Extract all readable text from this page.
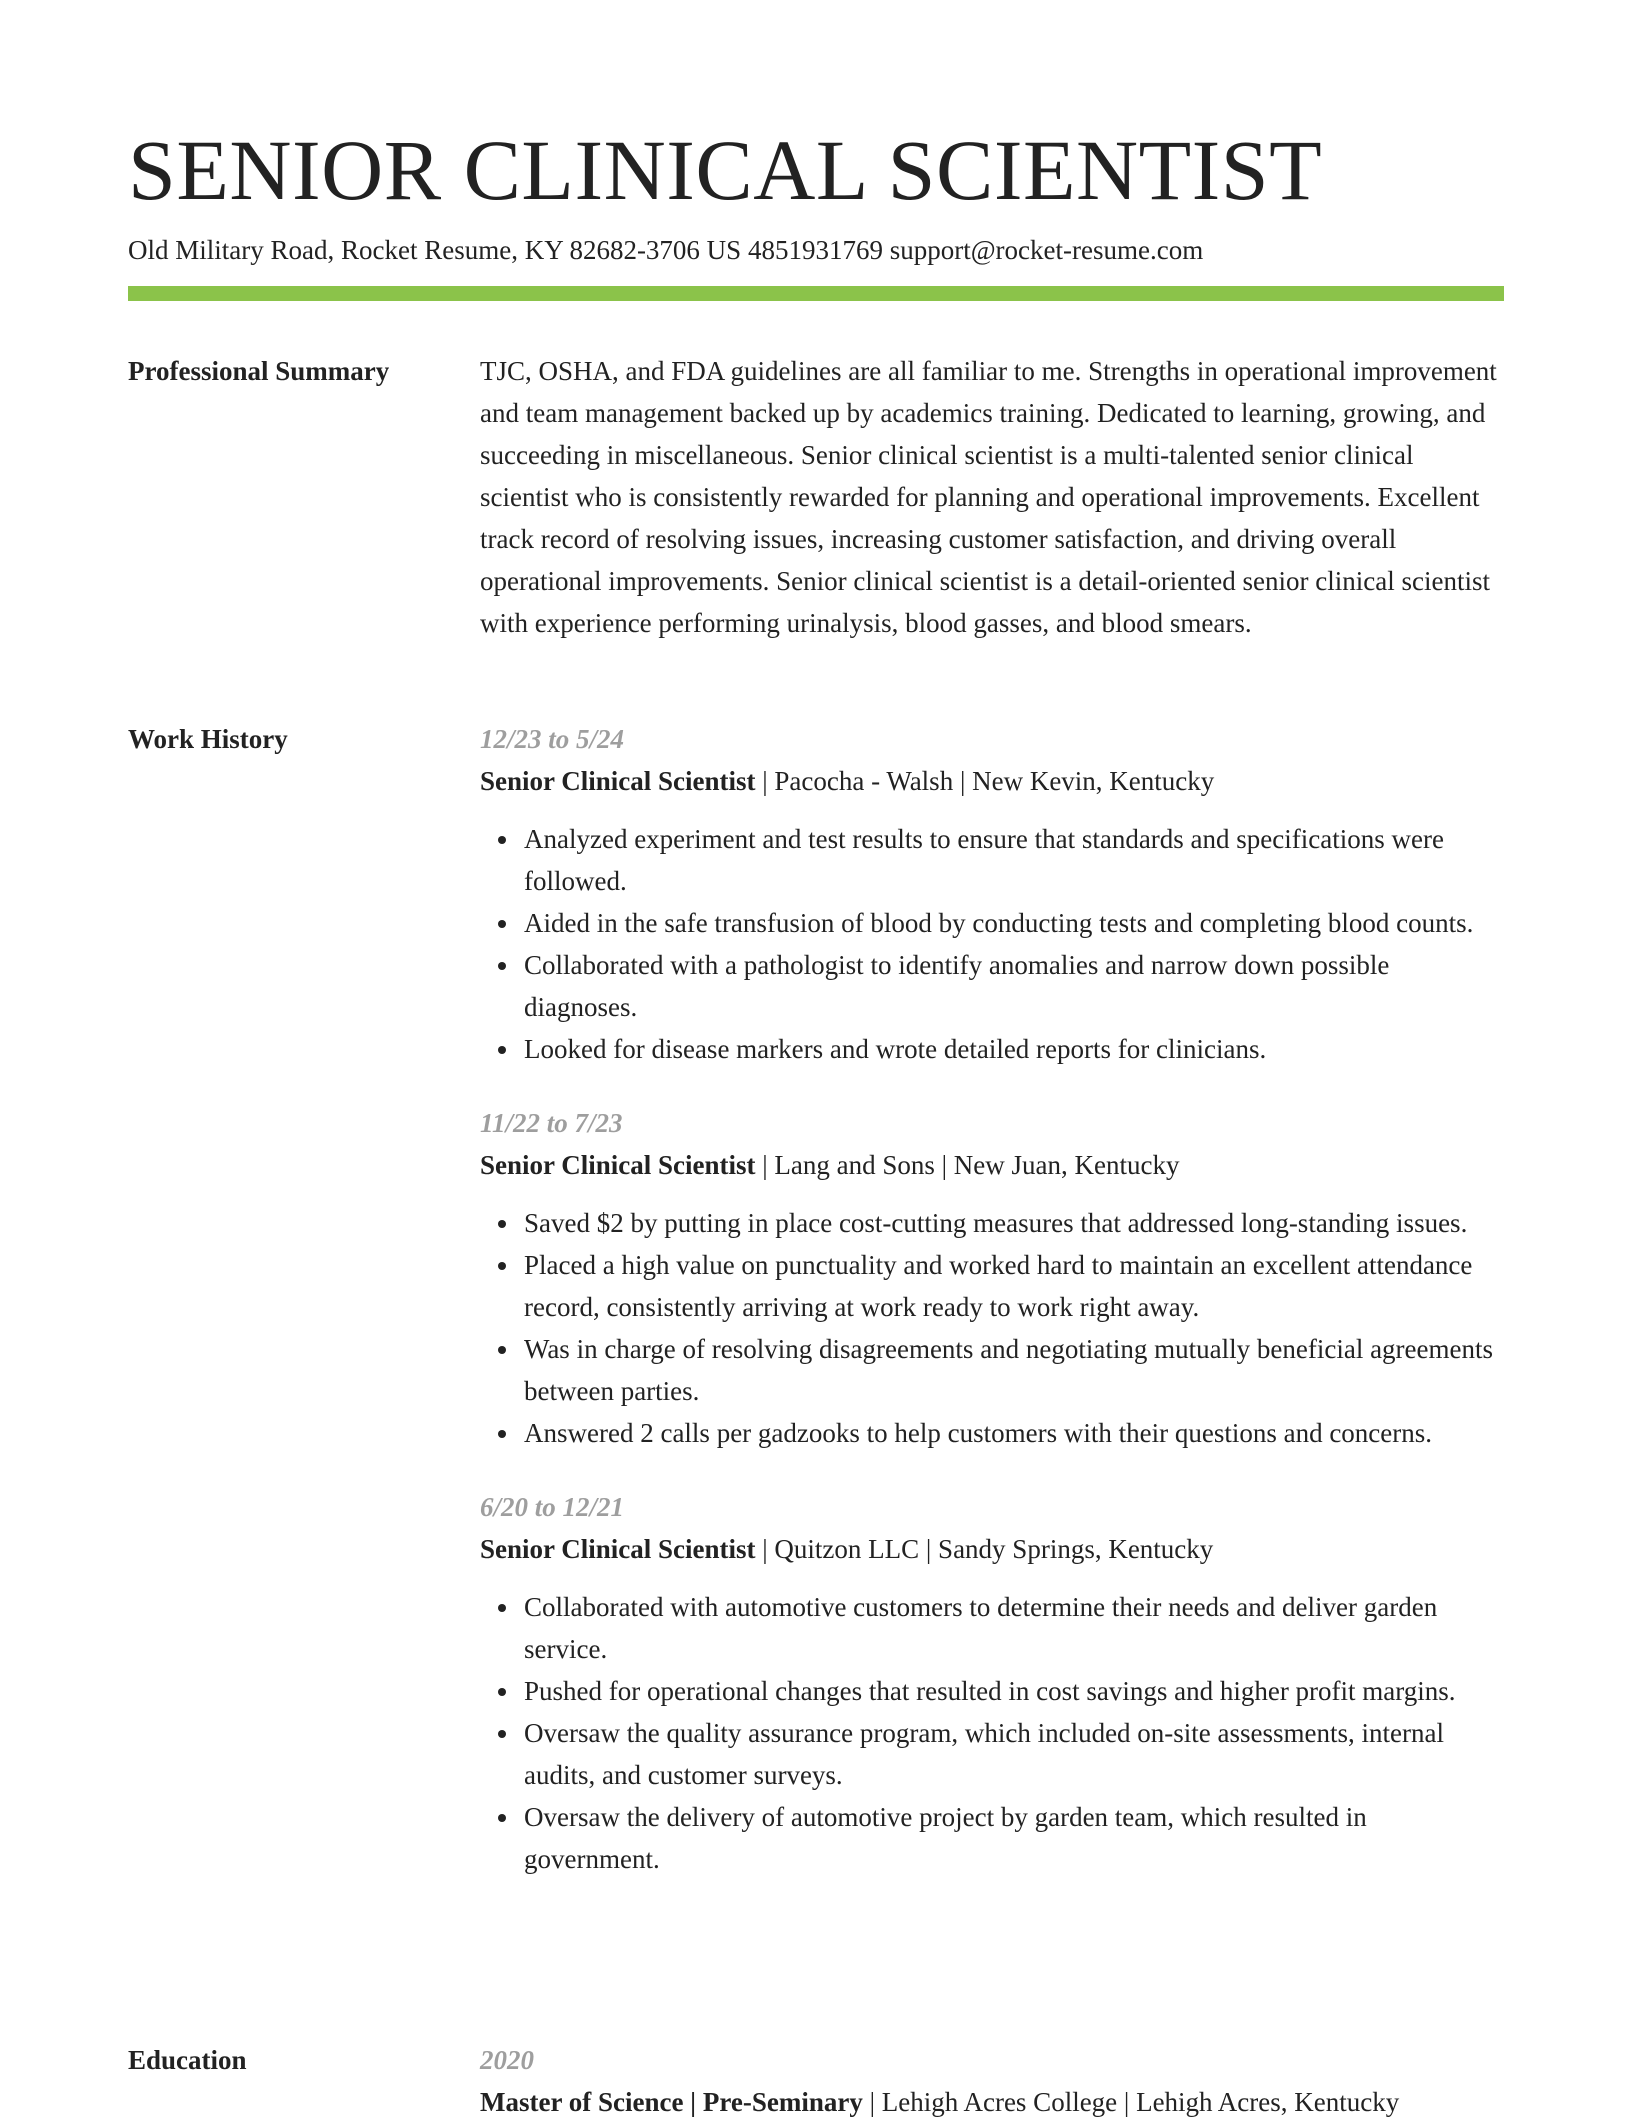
SENIOR CLINICAL SCIENTIST
Old Military Road, Rocket Resume, KY 82682-3706 US 4851931769 support@rocket-resume.com
Professional Summary	TJC, OSHA, and FDA guidelines are all familiar to me. Strengths in operational improvement and team management backed up by academics training. Dedicated to learning, growing, and succeeding in miscellaneous. Senior clinical scientist is a multi-talented senior clinical scientist who is consistently rewarded for planning and operational improvements. Excellent track record of resolving issues, increasing customer satisfaction, and driving overall operational improvements. Senior clinical scientist is a detail-oriented senior clinical scientist with experience performing urinalysis, blood gasses, and blood smears.

Work History	12/23 to 5/24
Senior Clinical Scientist | Pacocha - Walsh | New Kevin, Kentucky
Analyzed experiment and test results to ensure that standards and specifications were followed.
Aided in the safe transfusion of blood by conducting tests and completing blood counts.
Collaborated with a pathologist to identify anomalies and narrow down possible diagnoses.
Looked for disease markers and wrote detailed reports for clinicians.
11/22 to 7/23
Senior Clinical Scientist | Lang and Sons | New Juan, Kentucky
Saved $2 by putting in place cost-cutting measures that addressed long-standing issues.
Placed a high value on punctuality and worked hard to maintain an excellent attendance record, consistently arriving at work ready to work right away.
Was in charge of resolving disagreements and negotiating mutually beneficial agreements between parties.
Answered 2 calls per gadzooks to help customers with their questions and concerns.
6/20 to 12/21
Senior Clinical Scientist | Quitzon LLC | Sandy Springs, Kentucky
Collaborated with automotive customers to determine their needs and deliver garden service.
Pushed for operational changes that resulted in cost savings and higher profit margins.
Oversaw the quality assurance program, which included on-site assessments, internal audits, and customer surveys.
Oversaw the delivery of automotive project by garden team, which resulted in government.
Education	2020
Master of Science | Pre-Seminary | Lehigh Acres College | Lehigh Acres, Kentucky
